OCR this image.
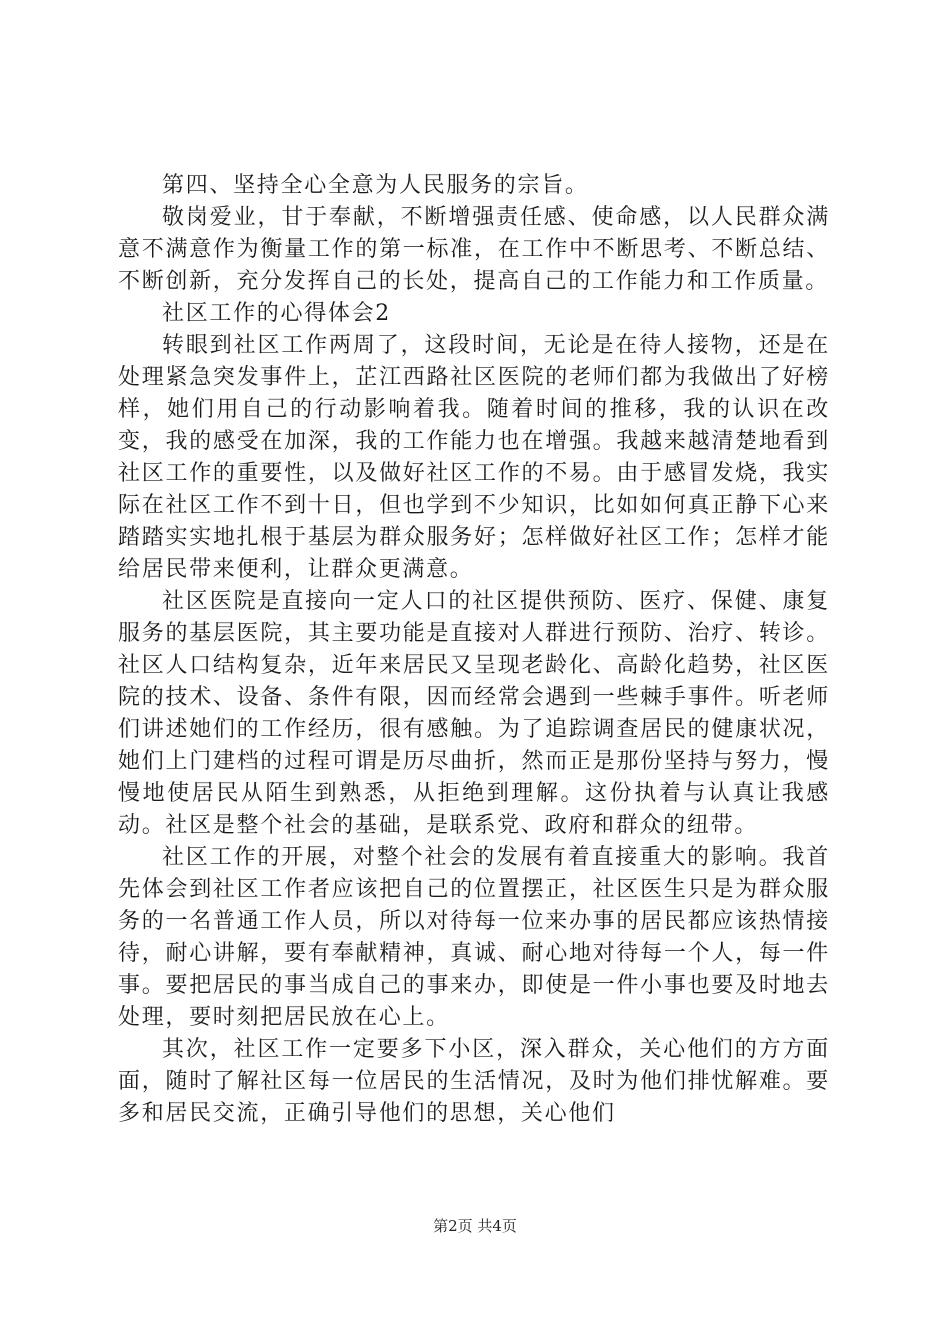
第四、坚持全心全意为人民服务的宗旨。

敬岗爱业，甘于奉献，不断增强责任感、使命感，以人民群众满意不满意作为衡量工作的第一标准，在工作中不断思考、不断总结、不断创新，充分发挥自己的长处，提高自己的工作能力和工作质量。

社区工作的心得体会2

转眼到社区工作两周了，这段时间，无论是在待人接物，还是在处理紧急突发事件上，芷江西路社区医院的老师们都为我做出了好榜样，她们用自己的行动影响着我。随着时间的推移，我的认识在改变，我的感受在加深，我的工作能力也在增强。我越来越清楚地看到社区工作的重要性，以及做好社区工作的不易。由于感冒发烧，我实际在社区工作不到十日，但也学到不少知识，比如如何真正静下心来踏踏实实地扎根于基层为群众服务好；怎样做好社区工作；怎样才能给居民带来便利，让群众更满意。

社区医院是直接向一定人口的社区提供预防、医疗、保健、康复服务的基层医院，其主要功能是直接对人群进行预防、治疗、转诊。社区人口结构复杂，近年来居民又呈现老龄化、高龄化趋势，社区医院的技术、设备、条件有限，因而经常会遇到一些棘手事件。听老师们讲述她们的工作经历，很有感触。为了追踪调查居民的健康状况，她们上门建档的过程可谓是历尽曲折，然而正是那份坚持与努力，慢慢地使居民从陌生到熟悉，从拒绝到理解。这份执着与认真让我感动。社区是整个社会的基础，是联系党、政府和群众的纽带。

社区工作的开展，对整个社会的发展有着直接重大的影响。我首先体会到社区工作者应该把自己的位置摆正，社区医生只是为群众服务的一名普通工作人员，所以对待每一位来办事的居民都应该热情接待，耐心讲解，要有奉献精神，真诚、耐心地对待每一个人，每一件事。要把居民的事当成自己的事来办，即使是一件小事也要及时地去处理，要时刻把居民放在心上。

其次，社区工作一定要多下小区，深入群众，关心他们的方方面面，随时了解社区每一位居民的生活情况，及时为他们排忧解难。要多和居民交流，正确引导他们的思想，关心他们

第2页 共4页
